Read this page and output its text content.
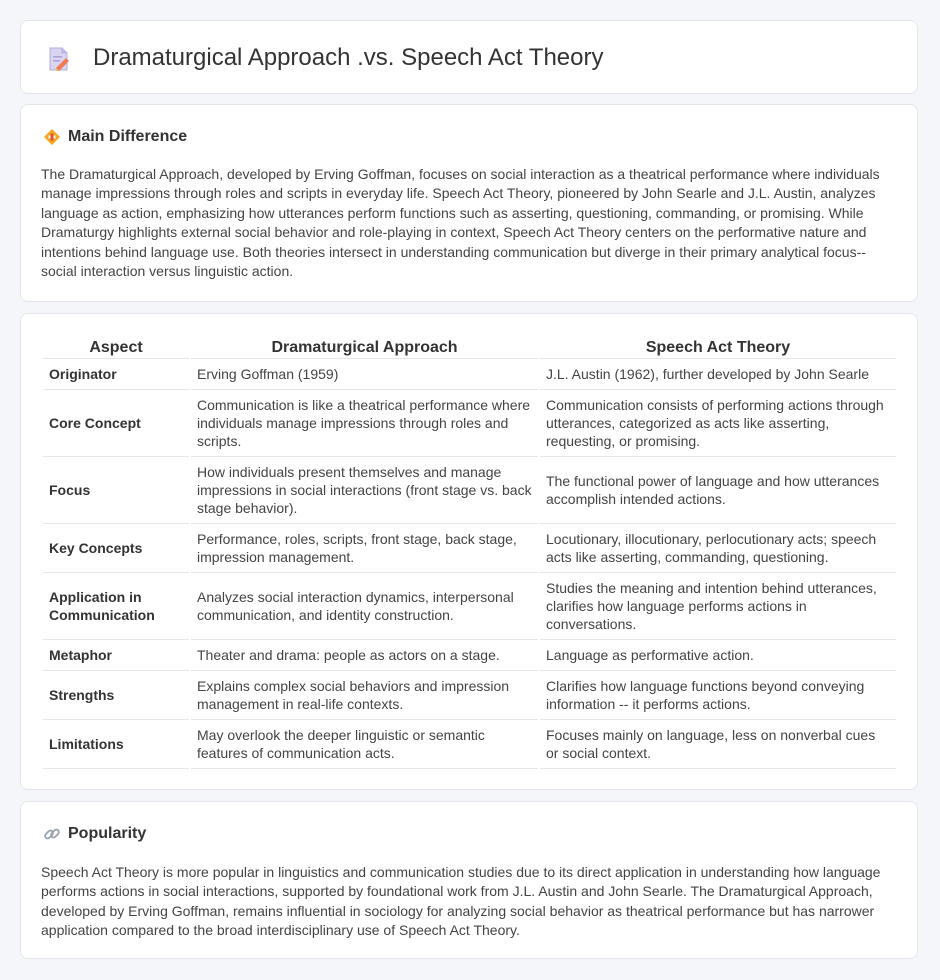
Dramaturgical Approach .vs. Speech Act Theory
Main Difference

The Dramaturgical Approach, developed by Erving Goffman, focuses on social interaction as a theatrical performance where individuals manage impressions through roles and scripts in everyday life. Speech Act Theory, pioneered by John Searle and J.L. Austin, analyzes language as action, emphasizing how utterances perform functions such as asserting, questioning, commanding, or promising. While Dramaturgy highlights external social behavior and role-playing in context, Speech Act Theory centers on the performative nature and intentions behind language use. Both theories intersect in understanding communication but diverge in their primary analytical focus--social interaction versus linguistic action.

Aspect	Dramaturgical Approach	Speech Act Theory
Originator	Erving Goffman (1959)	J.L. Austin (1962), further developed by John Searle
Core Concept	Communication is like a theatrical performance where individuals manage impressions through roles and scripts.	Communication consists of performing actions through utterances, categorized as acts like asserting, requesting, or promising.
Focus	How individuals present themselves and manage impressions in social interactions (front stage vs. back stage behavior).	The functional power of language and how utterances accomplish intended actions.
Key Concepts	Performance, roles, scripts, front stage, back stage, impression management.	Locutionary, illocutionary, perlocutionary acts; speech acts like asserting, commanding, questioning.
Application in Communication	Analyzes social interaction dynamics, interpersonal communication, and identity construction.	Studies the meaning and intention behind utterances, clarifies how language performs actions in conversations.
Metaphor	Theater and drama: people as actors on a stage.	Language as performative action.
Strengths	Explains complex social behaviors and impression management in real-life contexts.	Clarifies how language functions beyond conveying information -- it performs actions.
Limitations	May overlook the deeper linguistic or semantic features of communication acts.	Focuses mainly on language, less on nonverbal cues or social context.
Popularity

Speech Act Theory is more popular in linguistics and communication studies due to its direct application in understanding how language performs actions in social interactions, supported by foundational work from J.L. Austin and John Searle. The Dramaturgical Approach, developed by Erving Goffman, remains influential in sociology for analyzing social behavior as theatrical performance but has narrower application compared to the broad interdisciplinary use of Speech Act Theory.
